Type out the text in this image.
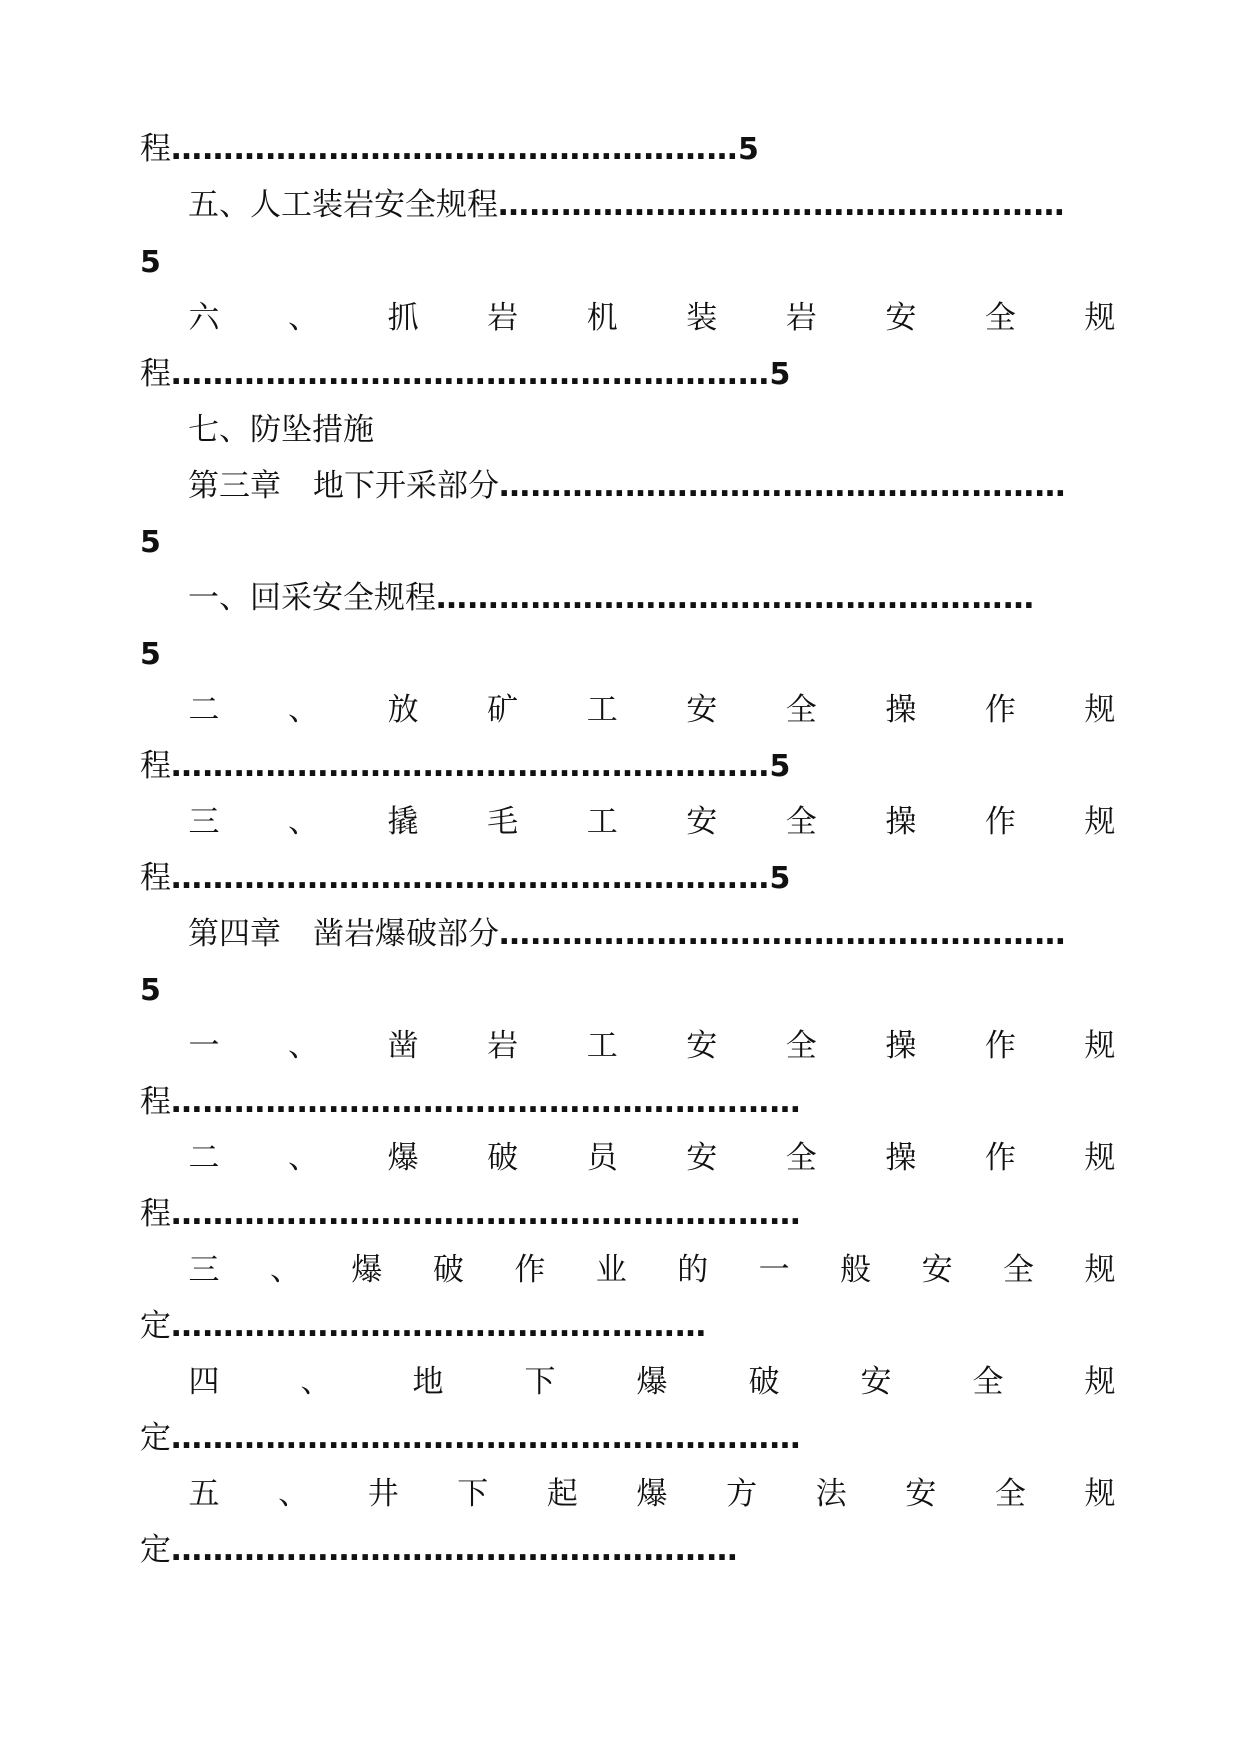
程………………………………………………5
五、人工装岩安全规程………………………………………………
5
六 、 抓 岩 机 装 岩 安 全 规
程…………………………………………………5
七、防坠措施
第三章 地下开采部分………………………………………………
5
一、回采安全规程…………………………………………………
5
二 、 放 矿 工 安 全 操 作 规
程…………………………………………………5
三 、 撬 毛 工 安 全 操 作 规
程…………………………………………………5
第四章 凿岩爆破部分………………………………………………
5
一 、 凿 岩 工 安 全 操 作 规
程……………………………………………………
二 、 爆 破 员 安 全 操 作 规
程……………………………………………………
三 、 爆 破 作 业 的 一 般 安 全 规
定……………………………………………
四	、	地	下	爆	破	安	全	规
定……………………………………………………
五 、 井 下 起 爆 方 法 安 全 规
定………………………………………………
